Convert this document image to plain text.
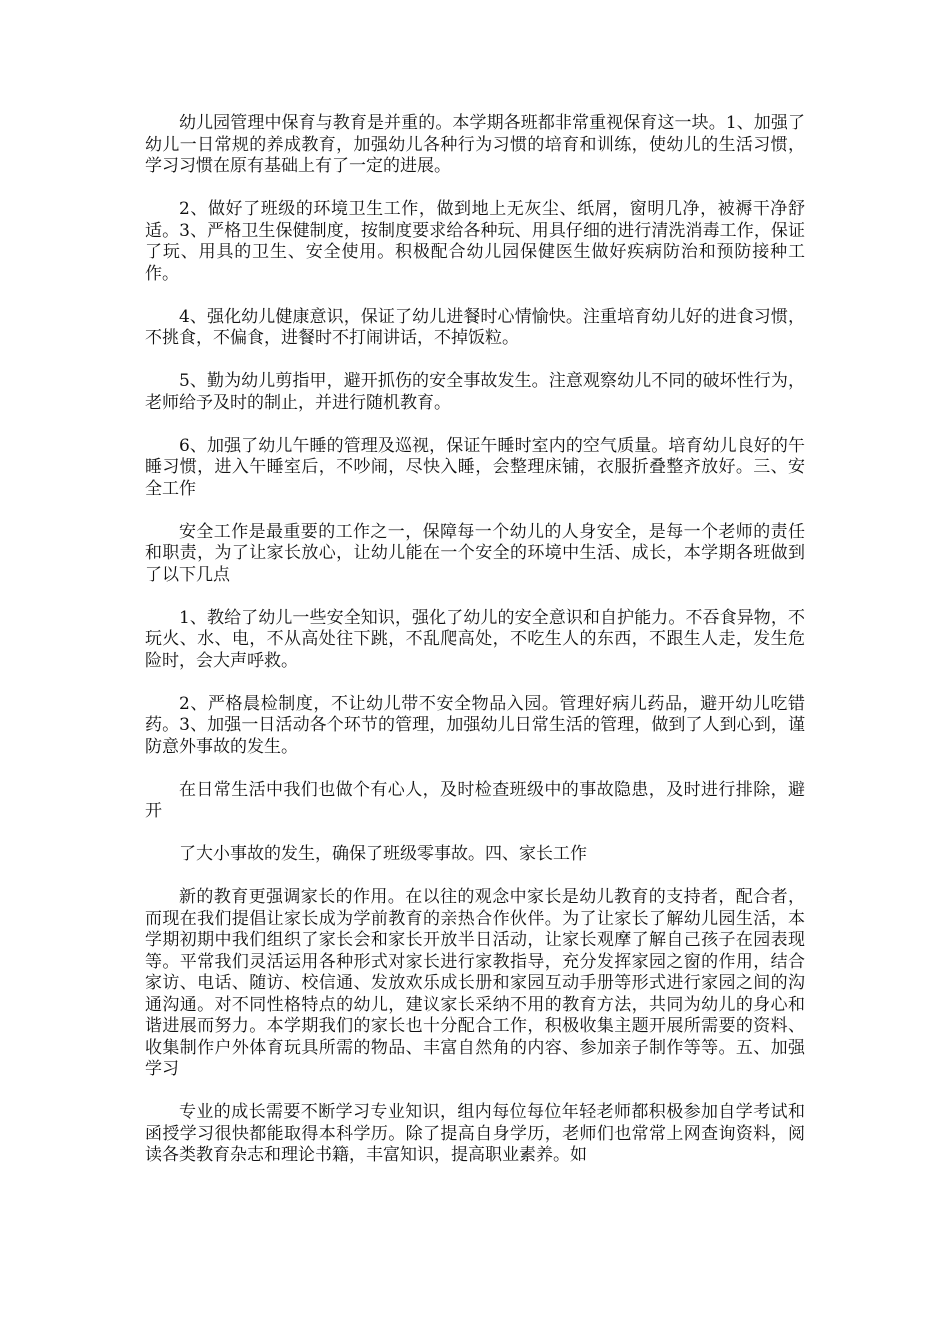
幼儿园管理中保育与教育是并重的。本学期各班都非常重视保育这一块。1、加强了幼儿一日常规的养成教育，加强幼儿各种行为习惯的培育和训练，使幼儿的生活习惯，学习习惯在原有基础上有了一定的进展。

2、做好了班级的环境卫生工作，做到地上无灰尘、纸屑，窗明几净，被褥干净舒适。3、严格卫生保健制度，按制度要求给各种玩、用具仔细的进行清洗消毒工作，保证了玩、用具的卫生、安全使用。积极配合幼儿园保健医生做好疾病防治和预防接种工作。

4、强化幼儿健康意识，保证了幼儿进餐时心情愉快。注重培育幼儿好的进食习惯，不挑食，不偏食，进餐时不打闹讲话，不掉饭粒。

5、勤为幼儿剪指甲，避开抓伤的安全事故发生。注意观察幼儿不同的破坏性行为，老师给予及时的制止，并进行随机教育。

6、加强了幼儿午睡的管理及巡视，保证午睡时室内的空气质量。培育幼儿良好的午睡习惯，进入午睡室后，不吵闹，尽快入睡，会整理床铺，衣服折叠整齐放好。三、安全工作

安全工作是最重要的工作之一，保障每一个幼儿的人身安全，是每一个老师的责任和职责，为了让家长放心，让幼儿能在一个安全的环境中生活、成长，本学期各班做到了以下几点

1、教给了幼儿一些安全知识，强化了幼儿的安全意识和自护能力。不吞食异物，不玩火、水、电，不从高处往下跳，不乱爬高处，不吃生人的东西，不跟生人走，发生危险时，会大声呼救。

2、严格晨检制度，不让幼儿带不安全物品入园。管理好病儿药品，避开幼儿吃错药。3、加强一日活动各个环节的管理，加强幼儿日常生活的管理，做到了人到心到，谨防意外事故的发生。

在日常生活中我们也做个有心人，及时检查班级中的事故隐患，及时进行排除，避开

了大小事故的发生，确保了班级零事故。四、家长工作

新的教育更强调家长的作用。在以往的观念中家长是幼儿教育的支持者，配合者，而现在我们提倡让家长成为学前教育的亲热合作伙伴。为了让家长了解幼儿园生活，本学期初期中我们组织了家长会和家长开放半日活动，让家长观摩了解自己孩子在园表现等。平常我们灵活运用各种形式对家长进行家教指导，充分发挥家园之窗的作用，结合家访、电话、随访、校信通、发放欢乐成长册和家园互动手册等形式进行家园之间的沟通沟通。对不同性格特点的幼儿，建议家长采纳不用的教育方法，共同为幼儿的身心和谐进展而努力。本学期我们的家长也十分配合工作，积极收集主题开展所需要的资料、收集制作户外体育玩具所需的物品、丰富自然角的内容、参加亲子制作等等。五、加强学习

专业的成长需要不断学习专业知识，组内每位每位年轻老师都积极参加自学考试和函授学习很快都能取得本科学历。除了提高自身学历，老师们也常常上网查询资料，阅读各类教育杂志和理论书籍，丰富知识，提高职业素养。如
